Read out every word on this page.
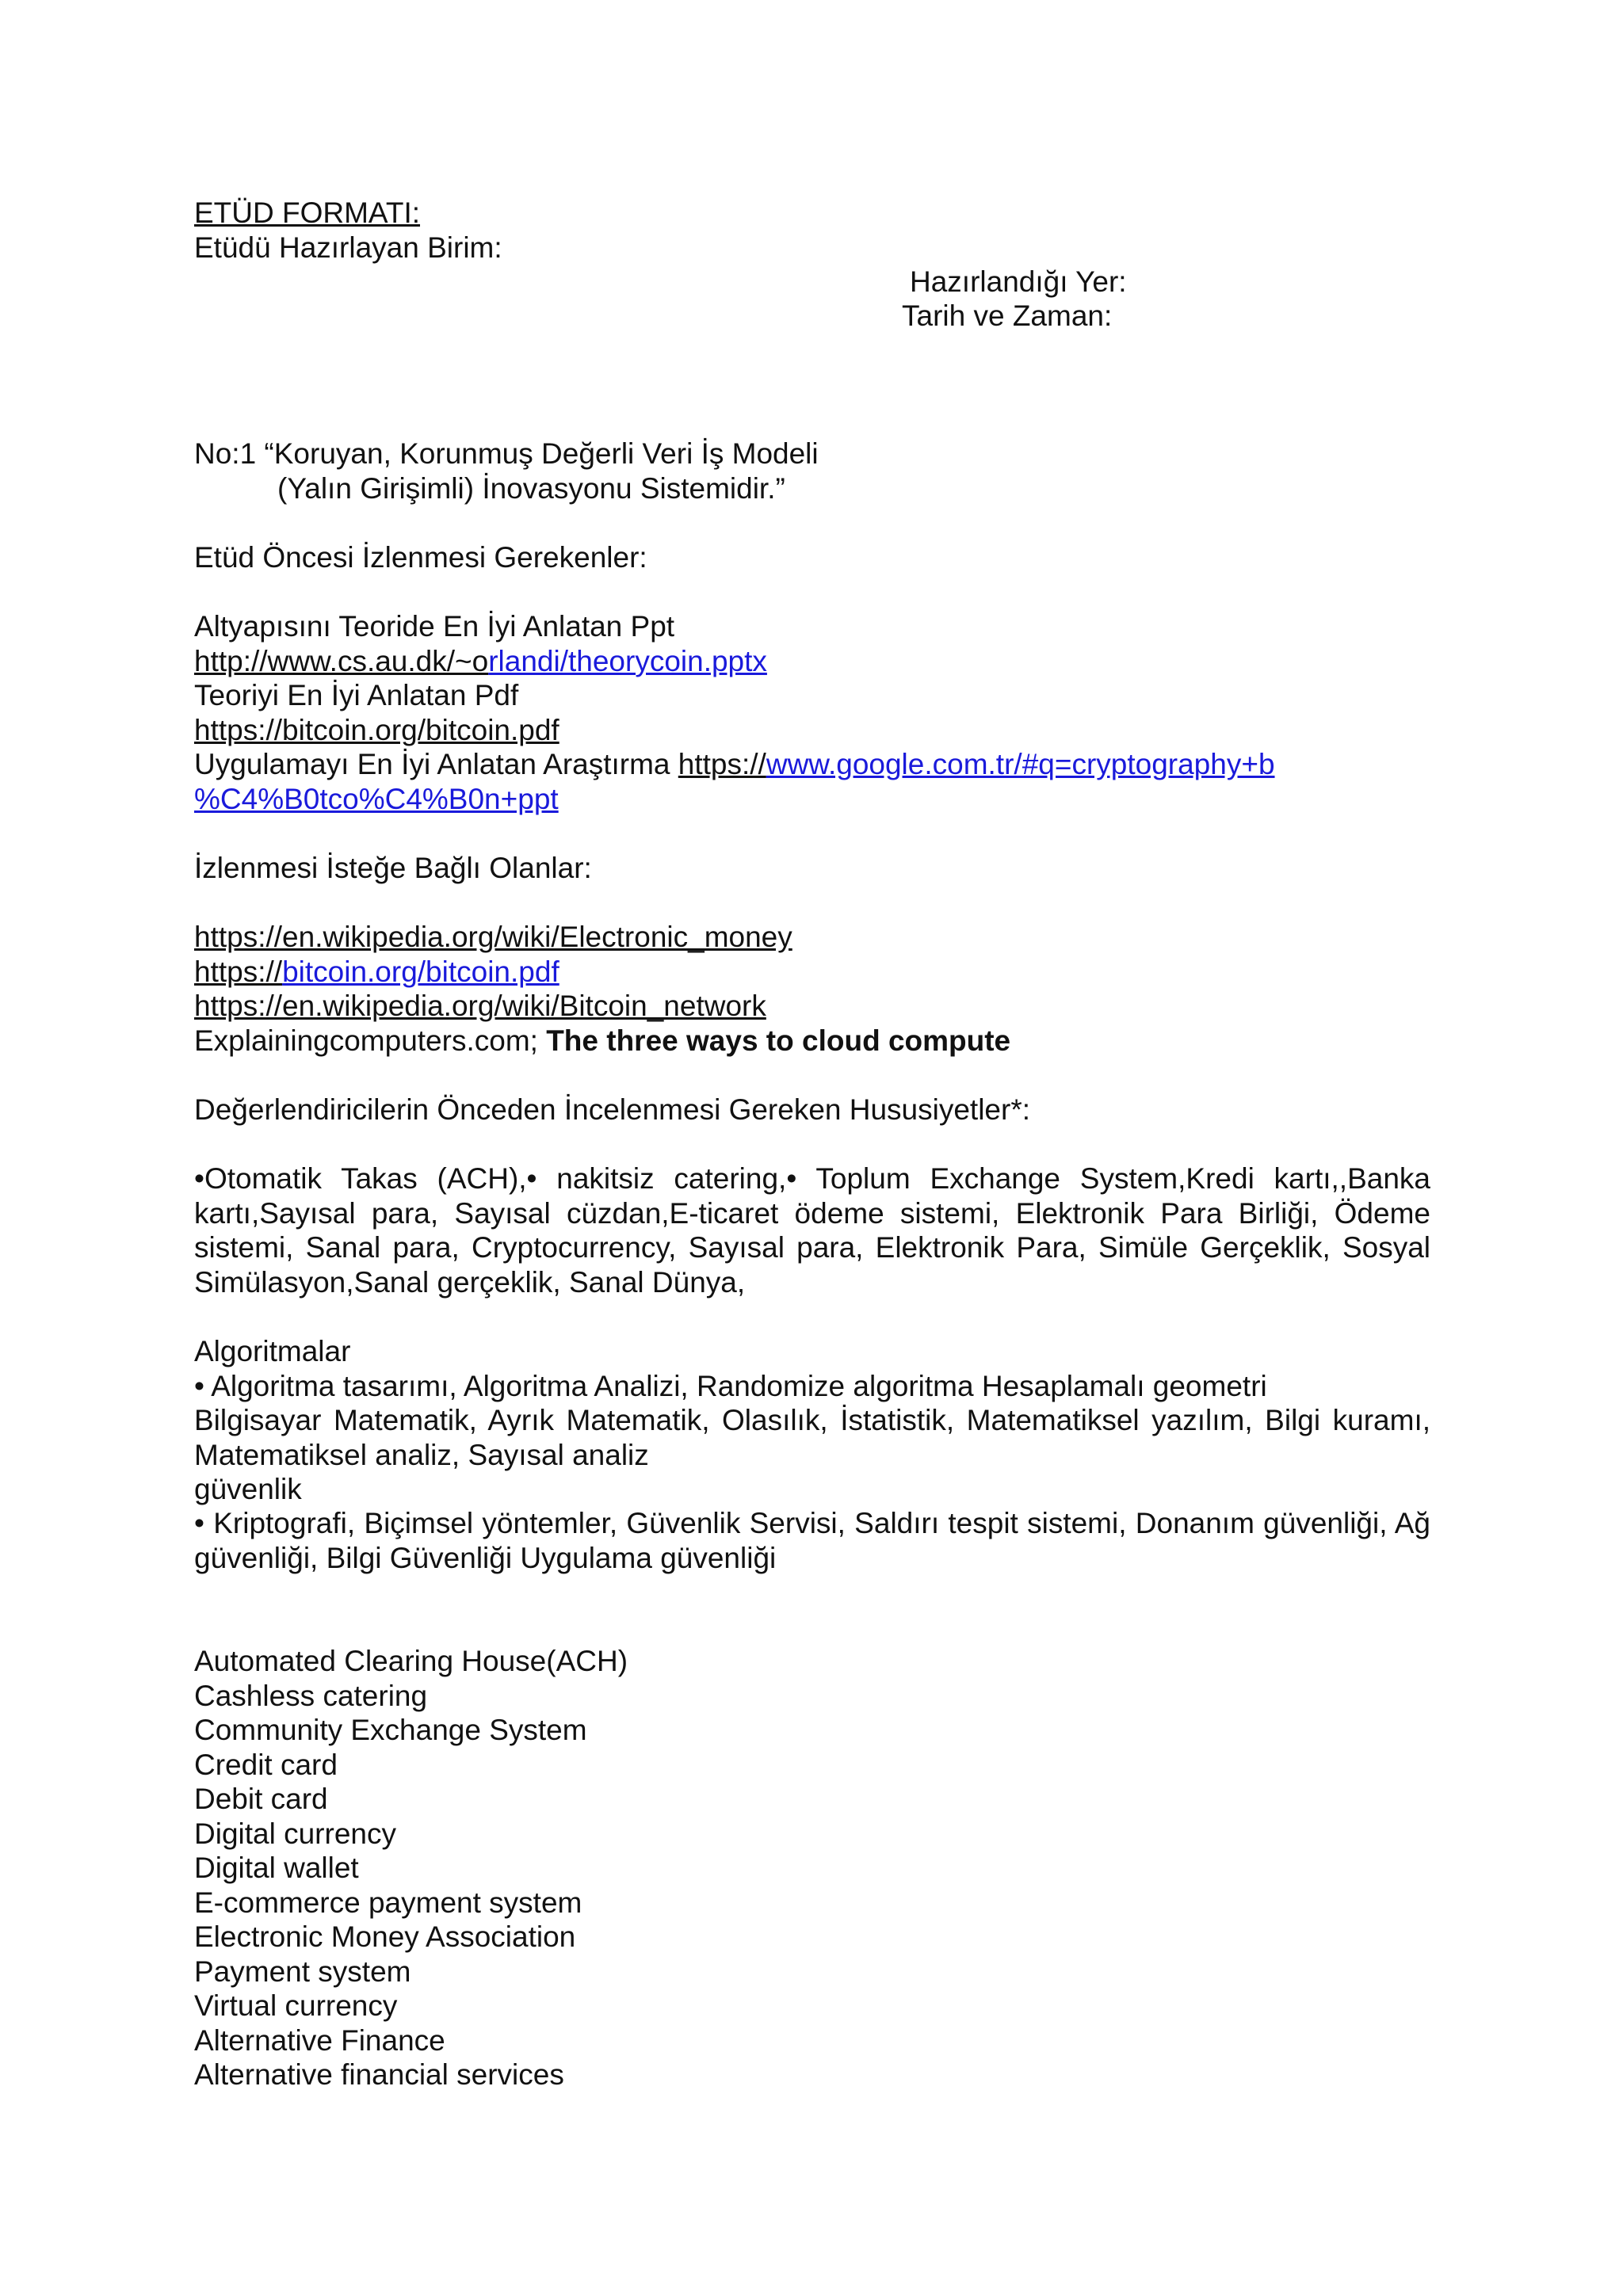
ETÜD FORMATI:
Etüdü Hazırlayan Birim:
Hazırlandığı Yer:
Tarih ve Zaman:
No:1 “Koruyan, Korunmuş Değerli Veri İş Modeli
(Yalın Girişimli) İnovasyonu Sistemidir.”
Etüd Öncesi İzlenmesi Gerekenler:
Altyapısını Teoride En İyi Anlatan Ppt
http://www.cs.au.dk/~orlandi/theorycoin.pptx
Teoriyi En İyi Anlatan Pdf
https://bitcoin.org/bitcoin.pdf
Uygulamayı En İyi Anlatan Araştırma https://www.google.com.tr/#q=cryptography+b
%C4%B0tco%C4%B0n+ppt
İzlenmesi İsteğe Bağlı Olanlar:
https://en.wikipedia.org/wiki/Electronic_money
https://bitcoin.org/bitcoin.pdf
https://en.wikipedia.org/wiki/Bitcoin_network
Explainingcomputers.com; The three ways to cloud compute
Değerlendiricilerin Önceden İncelenmesi Gereken Hususiyetler*:
•Otomatik Takas (ACH),• nakitsiz catering,• Toplum Exchange System,Kredi kartı,,Banka kartı,Sayısal para, Sayısal cüzdan,E-ticaret ödeme sistemi, Elektronik Para Birliği, Ödeme sistemi, Sanal para, Cryptocurrency, Sayısal para, Elektronik Para, Simüle Gerçeklik, Sosyal Simülasyon,Sanal gerçeklik, Sanal Dünya,
Algoritmalar
• Algoritma tasarımı, Algoritma Analizi, Randomize algoritma Hesaplamalı geometri
Bilgisayar Matematik, Ayrık Matematik, Olasılık, İstatistik, Matematiksel yazılım, Bilgi kuramı, Matematiksel analiz, Sayısal analiz
güvenlik
• Kriptografi, Biçimsel yöntemler, Güvenlik Servisi, Saldırı tespit sistemi, Donanım güvenliği, Ağ güvenliği, Bilgi Güvenliği Uygulama güvenliği
Automated Clearing House(ACH)
Cashless catering
Community Exchange System
Credit card
Debit card
Digital currency
Digital wallet
E-commerce payment system
Electronic Money Association
Payment system
Virtual currency
Alternative Finance
Alternative financial services
